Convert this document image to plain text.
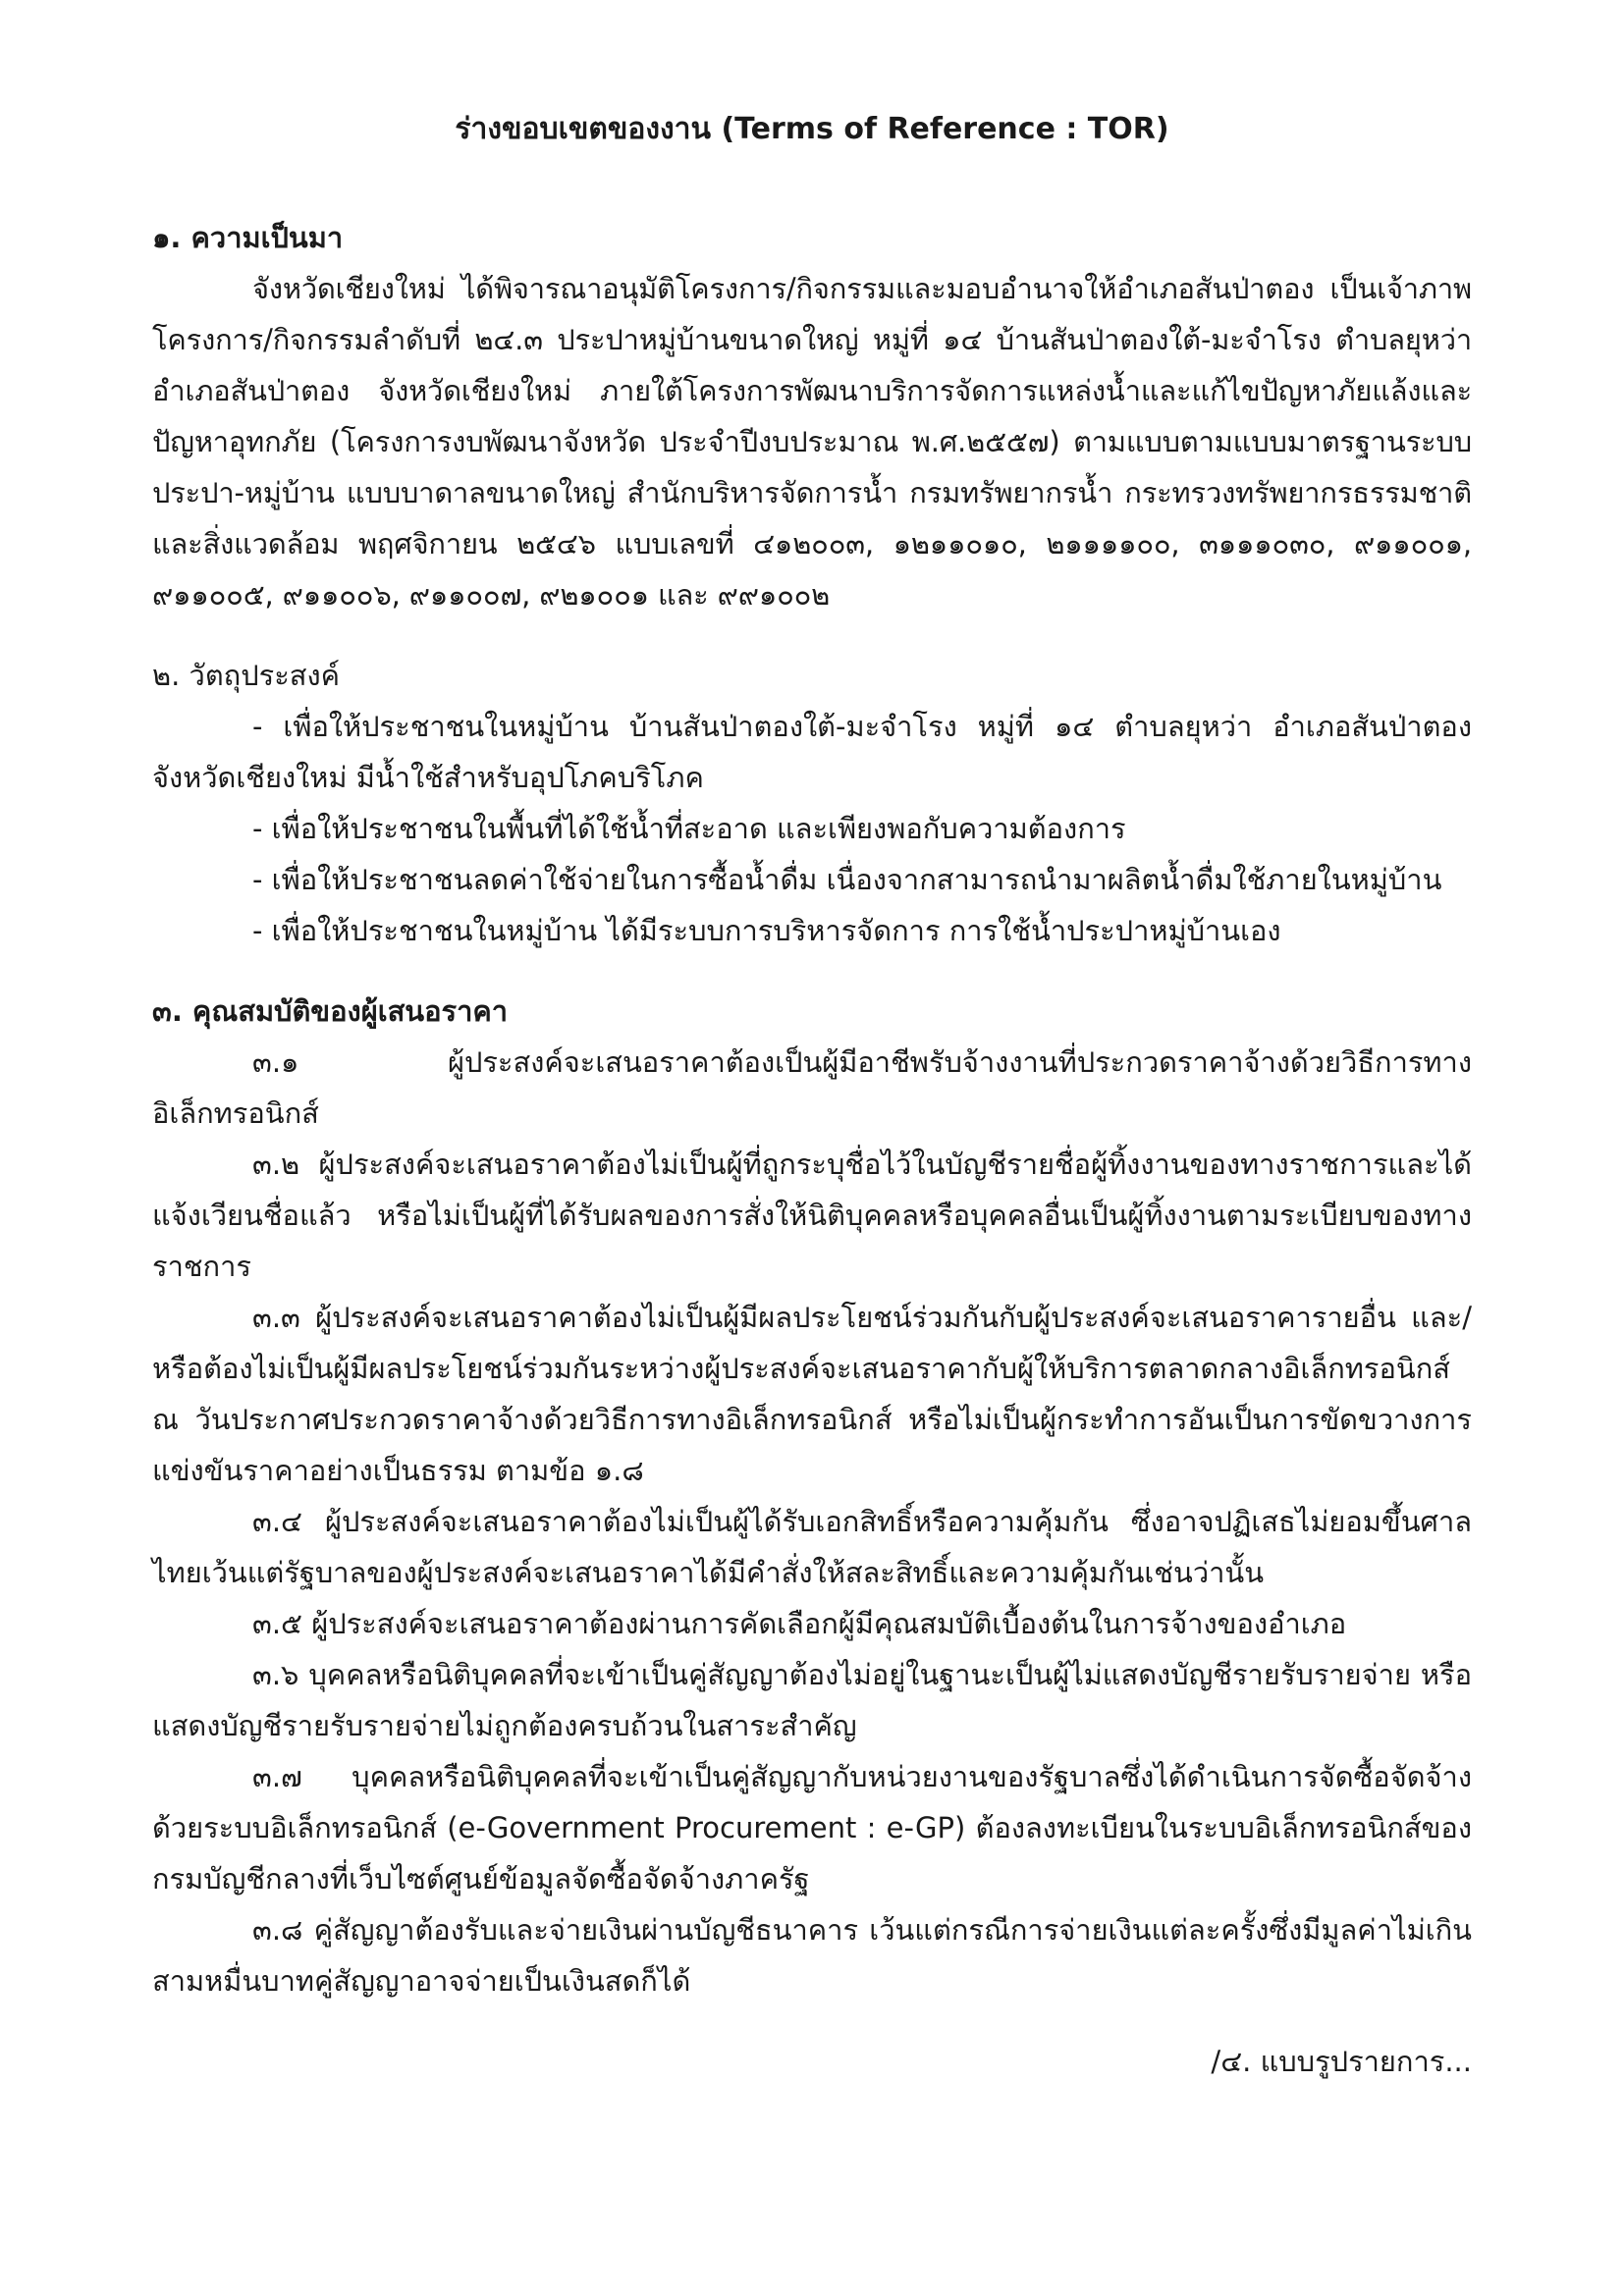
ร่างขอบเขตของงาน (Terms of Reference : TOR)

๑. ความเป็นมา

จังหวัดเชียงใหม่ ได้พิจารณาอนุมัติโครงการ/กิจกรรมและมอบอำนาจให้อำเภอสันป่าตอง เป็นเจ้าภาพโครงการ/กิจกรรมลำดับที่ ๒๔.๓ ประปาหมู่บ้านขนาดใหญ่ หมู่ที่ ๑๔ บ้านสันป่าตองใต้-มะจำโรง ตำบลยุหว่า อำเภอสันป่าตอง จังหวัดเชียงใหม่ ภายใต้โครงการพัฒนาบริการจัดการแหล่งน้ำและแก้ไขปัญหาภัยแล้งและปัญหาอุทกภัย (โครงการงบพัฒนาจังหวัด ประจำปีงบประมาณ พ.ศ.๒๕๕๗) ตามแบบตามแบบมาตรฐานระบบประปา-หมู่บ้าน แบบบาดาลขนาดใหญ่ สำนักบริหารจัดการน้ำ กรมทรัพยากรน้ำ กระทรวงทรัพยากรธรรมชาติและสิ่งแวดล้อม พฤศจิกายน ๒๕๔๖ แบบเลขที่ ๔๑๒๐๐๓, ๑๒๑๑๐๑๐, ๒๑๑๑๑๐๐, ๓๑๑๑๐๓๐, ๙๑๑๐๐๑, ๙๑๑๐๐๕, ๙๑๑๐๐๖, ๙๑๑๐๐๗, ๙๒๑๐๐๑ และ ๙๙๑๐๐๒

๒. วัตถุประสงค์

- เพื่อให้ประชาชนในหมู่บ้าน บ้านสันป่าตองใต้-มะจำโรง หมู่ที่ ๑๔ ตำบลยุหว่า อำเภอสันป่าตอง จังหวัดเชียงใหม่ มีน้ำใช้สำหรับอุปโภคบริโภค

- เพื่อให้ประชาชนในพื้นที่ได้ใช้น้ำที่สะอาด และเพียงพอกับความต้องการ

- เพื่อให้ประชาชนลดค่าใช้จ่ายในการซื้อน้ำดื่ม เนื่องจากสามารถนำมาผลิตน้ำดื่มใช้ภายในหมู่บ้าน

- เพื่อให้ประชาชนในหมู่บ้าน ได้มีระบบการบริหารจัดการ การใช้น้ำประปาหมู่บ้านเอง

๓. คุณสมบัติของผู้เสนอราคา

๓.๑ ผู้ประสงค์จะเสนอราคาต้องเป็นผู้มีอาชีพรับจ้างงานที่ประกวดราคาจ้างด้วยวิธีการทางอิเล็กทรอนิกส์

๓.๒ ผู้ประสงค์จะเสนอราคาต้องไม่เป็นผู้ที่ถูกระบุชื่อไว้ในบัญชีรายชื่อผู้ทิ้งงานของทางราชการและได้แจ้งเวียนชื่อแล้ว หรือไม่เป็นผู้ที่ได้รับผลของการสั่งให้นิติบุคคลหรือบุคคลอื่นเป็นผู้ทิ้งงานตามระเบียบของทางราชการ

๓.๓ ผู้ประสงค์จะเสนอราคาต้องไม่เป็นผู้มีผลประโยชน์ร่วมกันกับผู้ประสงค์จะเสนอราคารายอื่น และ/หรือต้องไม่เป็นผู้มีผลประโยชน์ร่วมกันระหว่างผู้ประสงค์จะเสนอราคากับผู้ให้บริการตลาดกลางอิเล็กทรอนิกส์ ณ วันประกาศประกวดราคาจ้างด้วยวิธีการทางอิเล็กทรอนิกส์ หรือไม่เป็นผู้กระทำการอันเป็นการขัดขวางการแข่งขันราคาอย่างเป็นธรรม ตามข้อ ๑.๘

๓.๔ ผู้ประสงค์จะเสนอราคาต้องไม่เป็นผู้ได้รับเอกสิทธิ์หรือความคุ้มกัน ซึ่งอาจปฏิเสธไม่ยอมขึ้นศาลไทยเว้นแต่รัฐบาลของผู้ประสงค์จะเสนอราคาได้มีคำสั่งให้สละสิทธิ์และความคุ้มกันเช่นว่านั้น

๓.๕ ผู้ประสงค์จะเสนอราคาต้องผ่านการคัดเลือกผู้มีคุณสมบัติเบื้องต้นในการจ้างของอำเภอ

๓.๖ บุคคลหรือนิติบุคคลที่จะเข้าเป็นคู่สัญญาต้องไม่อยู่ในฐานะเป็นผู้ไม่แสดงบัญชีรายรับรายจ่าย หรือแสดงบัญชีรายรับรายจ่ายไม่ถูกต้องครบถ้วนในสาระสำคัญ

๓.๗ บุคคลหรือนิติบุคคลที่จะเข้าเป็นคู่สัญญากับหน่วยงานของรัฐบาลซึ่งได้ดำเนินการจัดซื้อจัดจ้างด้วยระบบอิเล็กทรอนิกส์ (e-Government Procurement : e-GP) ต้องลงทะเบียนในระบบอิเล็กทรอนิกส์ของกรมบัญชีกลางที่เว็บไซต์ศูนย์ข้อมูลจัดซื้อจัดจ้างภาครัฐ

๓.๘ คู่สัญญาต้องรับและจ่ายเงินผ่านบัญชีธนาคาร เว้นแต่กรณีการจ่ายเงินแต่ละครั้งซึ่งมีมูลค่าไม่เกินสามหมื่นบาทคู่สัญญาอาจจ่ายเป็นเงินสดก็ได้

/๔. แบบรูปรายการ...
